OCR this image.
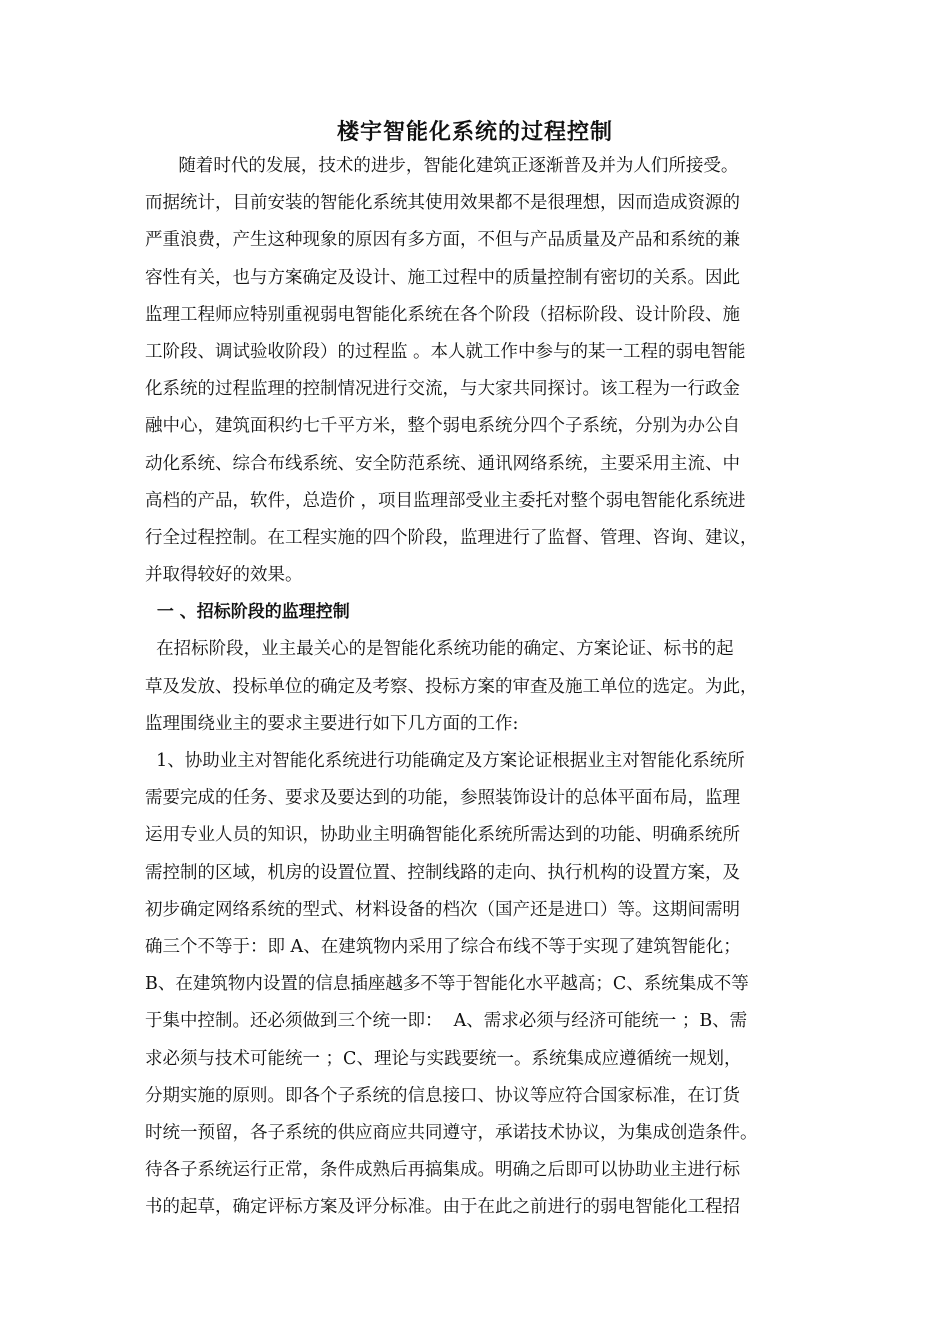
楼宇智能化系统的过程控制
随着时代的发展，技术的进步，智能化建筑正逐渐普及并为人们所接受。
而据统计，目前安装的智能化系统其使用效果都不是很理想，因而造成资源的
严重浪费，产生这种现象的原因有多方面，不但与产品质量及产品和系统的兼
容性有关，也与方案确定及设计、施工过程中的质量控制有密切的关系。因此
监理工程师应特别重视弱电智能化系统在各个阶段（招标阶段、设计阶段、施
工阶段、调试验收阶段）的过程监 。本人就工作中参与的某一工程的弱电智能
化系统的过程监理的控制情况进行交流，与大家共同探讨。该工程为一行政金
融中心，建筑面积约七千平方米，整个弱电系统分四个子系统，分别为办公自
动化系统、综合布线系统、安全防范系统、通讯网络系统，主要采用主流、中
高档的产品，软件，总造价 ，项目监理部受业主委托对整个弱电智能化系统进
行全过程控制。在工程实施的四个阶段，监理进行了监督、管理、咨询、建议，
并取得较好的效果。
一 、招标阶段的监理控制
在招标阶段，业主最关心的是智能化系统功能的确定、方案论证、标书的起
草及发放、投标单位的确定及考察、投标方案的审查及施工单位的选定。为此，
监理围绕业主的要求主要进行如下几方面的工作:
1、协助业主对智能化系统进行功能确定及方案论证根据业主对智能化系统所
需要完成的任务、要求及要达到的功能，参照装饰设计的总体平面布局，监理
运用专业人员的知识，协助业主明确智能化系统所需达到的功能、明确系统所
需控制的区域，机房的设置位置、控制线路的走向、执行机构的设置方案，及
初步确定网络系统的型式、材料设备的档次（国产还是进口）等。这期间需明
确三个不等于：即 A、在建筑物内采用了综合布线不等于实现了建筑智能化；
B、在建筑物内设置的信息插座越多不等于智能化水平越高；C、系统集成不等
于集中控制。还必须做到三个统一即：  A、需求必须与经济可能统一 ；B、需
求必须与技术可能统一 ；C、理论与实践要统一。系统集成应遵循统一规划，
分期实施的原则。即各个子系统的信息接口、协议等应符合国家标准，在订货
时统一预留，各子系统的供应商应共同遵守，承诺技术协议，为集成创造条件。
待各子系统运行正常，条件成熟后再搞集成。明确之后即可以协助业主进行标
书的起草，确定评标方案及评分标准。由于在此之前进行的弱电智能化工程招
